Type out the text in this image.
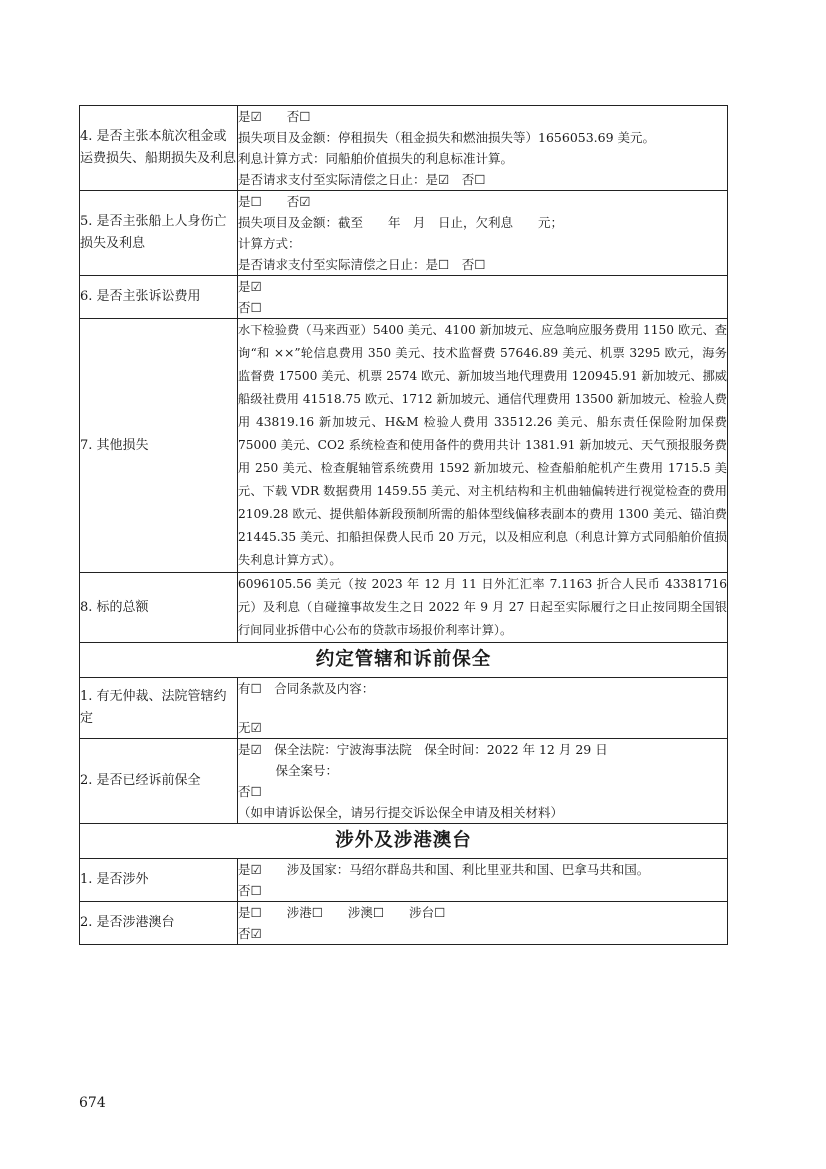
4. 是否主张本航次租金或运费损失、船期损失及利息	是☑　　否☐
损失项目及金额：停租损失（租金损失和燃油损失等）1656053.69 美元。
利息计算方式：同船舶价值损失的利息标准计算。
是否请求支付至实际清偿之日止：是☑　否☐

5. 是否主张船上人身伤亡损失及利息	是☐　　否☑
损失项目及金额：截至　　年　月　日止，欠利息　　元；
计算方式：
是否请求支付至实际清偿之日止：是☐　否☐

6. 是否主张诉讼费用	是☑
否☐

7. 其他损失	水下检验费（马来西亚）5400 美元、4100 新加坡元、应急响应服务费用 1150 欧元、查询“和 ××”轮信息费用 350 美元、技术监督费 57646.89 美元、机票 3295 欧元，海务监督费 17500 美元、机票 2574 欧元、新加坡当地代理费用 120945.91 新加坡元、挪威船级社费用 41518.75 欧元、1712 新加坡元、通信代理费用 13500 新加坡元、检验人费用 43819.16 新加坡元、H&M 检验人费用 33512.26 美元、船东责任保险附加保费 75000 美元、CO2 系统检查和使用备件的费用共计 1381.91 新加坡元、天气预报服务费用 250 美元、检查艉轴管系统费用 1592 新加坡元、检查船舶舵机产生费用 1715.5 美元、下载 VDR 数据费用 1459.55 美元、对主机结构和主机曲轴偏转进行视觉检查的费用 2109.28 欧元、提供船体新段预制所需的船体型线偏移表副本的费用 1300 美元、锚泊费 21445.35 美元、扣船担保费人民币 20 万元，以及相应利息（利息计算方式同船舶价值损失利息计算方式）。

8. 标的总额	6096105.56 美元（按 2023 年 12 月 11 日外汇汇率 7.1163 折合人民币 43381716 元）及利息（自碰撞事故发生之日 2022 年 9 月 27 日起至实际履行之日止按同期全国银行间同业拆借中心公布的贷款市场报价利率计算）。

约定管辖和诉前保全	
1. 有无仲裁、法院管辖约定	有☐　合同条款及内容：
无☑

2. 是否已经诉前保全	是☑　保全法院：宁波海事法院　保全时间：2022 年 12 月 29 日
　　　保全案号：
否☐
（如申请诉讼保全，请另行提交诉讼保全申请及相关材料）

涉外及涉港澳台	
1. 是否涉外	是☑　　涉及国家：马绍尔群岛共和国、利比里亚共和国、巴拿马共和国。
否☐

2. 是否涉港澳台	是☐　　涉港☐　　涉澳☐　　涉台☐
否☑
674
